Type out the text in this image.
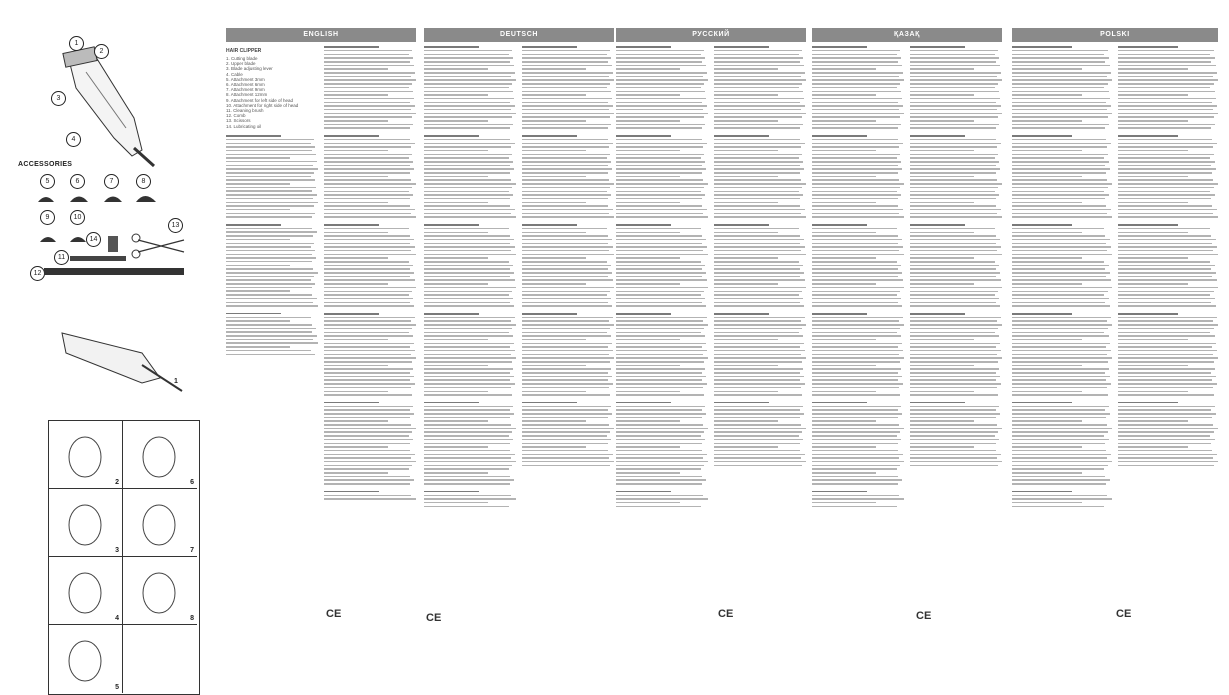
1
2
3
4
ACCESSORIES
5	6	7	8
9	10
13
14
11
12
1
2	6
3	7
4	8
5
ENGLISH
HAIR CLIPPER
1. Cutting blade
2. Upper blade
3. Blade adjusting lever
4. Cable
5. Attachment 3mm
6. Attachment 6mm
7. Attachment 9mm
8. Attachment 12mm
9. Attachment for left side of head
10. Attachment for right side of head
11. Cleaning brush
12. Comb
13. Scissors
14. Lubricating oil
CE
DEUTSCH
CE
РУССКИЙ
CE
ҚАЗАҚ
CE
POLSKI
CE
